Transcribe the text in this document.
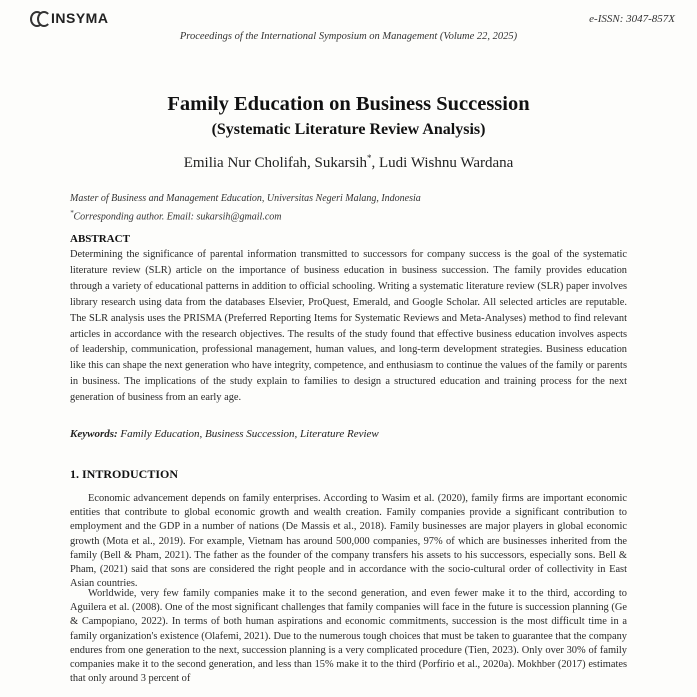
INSYMA	e-ISSN: 3047-857X
Proceedings of the International Symposium on Management (Volume 22, 2025)
Family Education on Business Succession
(Systematic Literature Review Analysis)
Emilia Nur Cholifah, Sukarsih*, Ludi Wishnu Wardana
Master of Business and Management Education, Universitas Negeri Malang, Indonesia
*Corresponding author. Email: sukarsih@gmail.com
ABSTRACT
Determining the significance of parental information transmitted to successors for company success is the goal of the systematic literature review (SLR) article on the importance of business education in business succession. The family provides education through a variety of educational patterns in addition to official schooling. Writing a systematic literature review (SLR) paper involves library research using data from the databases Elsevier, ProQuest, Emerald, and Google Scholar. All selected articles are reputable. The SLR analysis uses the PRISMA (Preferred Reporting Items for Systematic Reviews and Meta-Analyses) method to find relevant articles in accordance with the research objectives. The results of the study found that effective business education involves aspects of leadership, communication, professional management, human values, and long-term development strategies. Business education like this can shape the next generation who have integrity, competence, and enthusiasm to continue the values of the family or parents in business. The implications of the study explain to families to design a structured education and training process for the next generation of business from an early age.
Keywords: Family Education, Business Succession, Literature Review
1. INTRODUCTION
Economic advancement depends on family enterprises. According to Wasim et al. (2020), family firms are important economic entities that contribute to global economic growth and wealth creation. Family companies provide a significant contribution to employment and the GDP in a number of nations (De Massis et al., 2018). Family businesses are major players in global economic growth (Mota et al., 2019). For example, Vietnam has around 500,000 companies, 97% of which are businesses inherited from the family (Bell & Pham, 2021). The father as the founder of the company transfers his assets to his successors, especially sons. Bell & Pham, (2021) said that sons are considered the right people and in accordance with the socio-cultural order of collectivity in East Asian countries.
Worldwide, very few family companies make it to the second generation, and even fewer make it to the third, according to Aguilera et al. (2008). One of the most significant challenges that family companies will face in the future is succession planning (Ge & Campopiano, 2022). In terms of both human aspirations and economic commitments, succession is the most difficult time in a family organization's existence (Olafemi, 2021). Due to the numerous tough choices that must be taken to guarantee that the company endures from one generation to the next, succession planning is a very complicated procedure (Tien, 2023). Only over 30% of family companies make it to the second generation, and less than 15% make it to the third (Porfírio et al., 2020a). Mokhber (2017) estimates that only around 3 percent of
